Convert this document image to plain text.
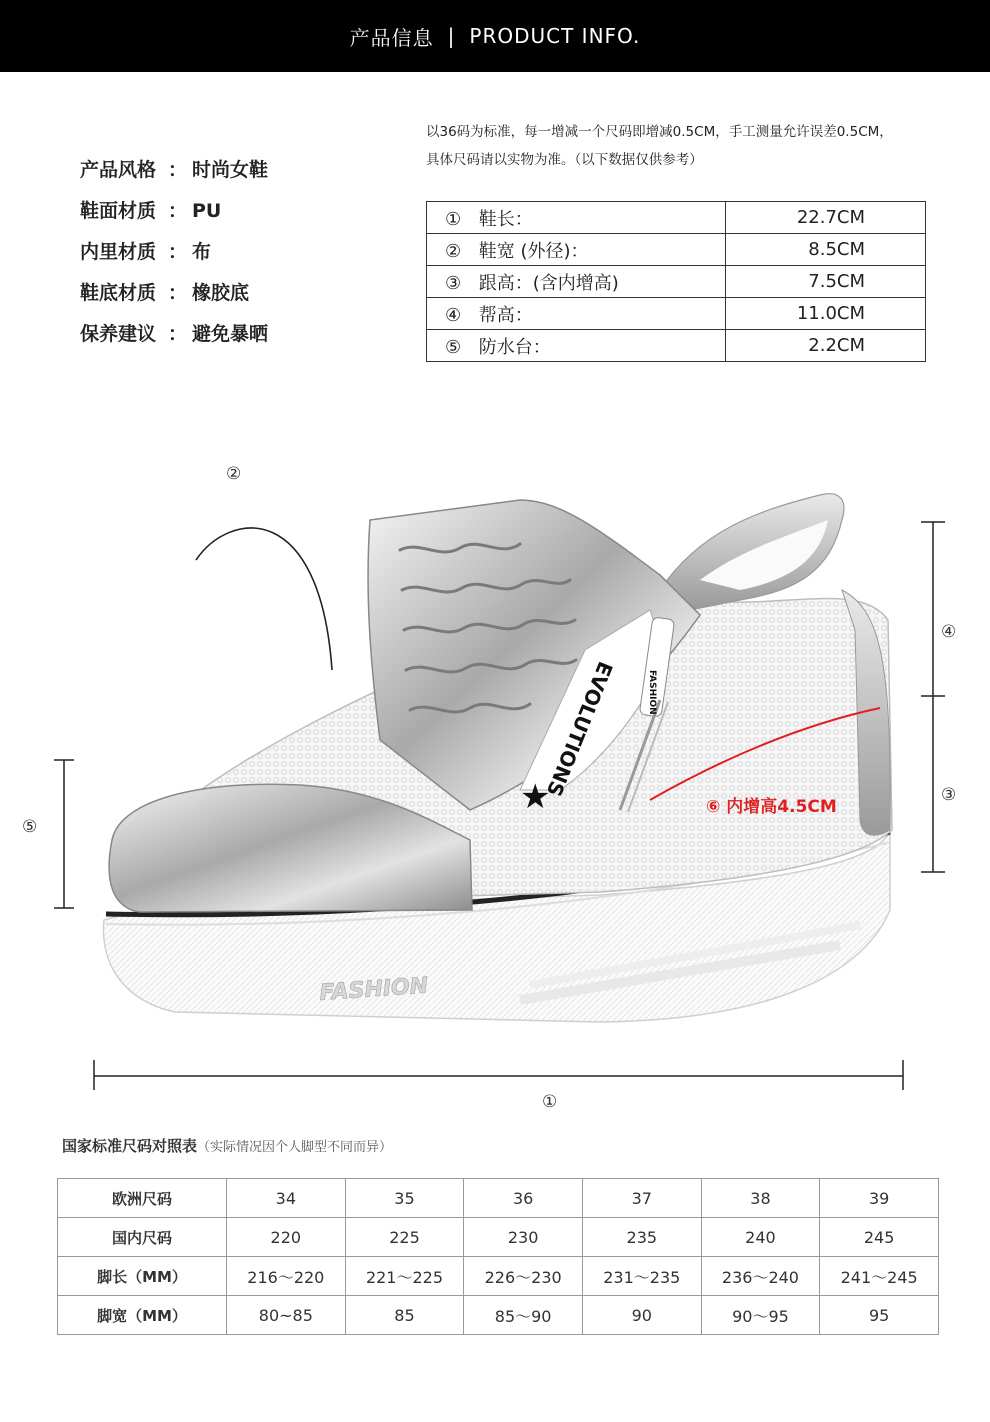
产品信息 | PRODUCT INFO.
产品风格 ： 时尚女鞋
鞋面材质 ： PU
内里材质 ： 布
鞋底材质 ： 橡胶底
保养建议 ： 避免暴晒
以36码为标准，每一增减一个尺码即增减0.5CM，手工测量允许误差0.5CM，
具体尺码请以实物为准。（以下数据仅供参考）
① 鞋长：	22.7CM
② 鞋宽 (外径)：	8.5CM
③ 跟高：(含内增高)	7.5CM
④ 帮高：	11.0CM
⑤ 防水台：	2.2CM
EVOLUTIONS
★
FASHION
FASHION
②
④
③
⑤
①
⑥ 内增高4.5CM
国家标准尺码对照表（实际情况因个人脚型不同而异）
欧洲尺码	34	35	36	37	38	39
国内尺码	220	225	230	235	240	245
脚长（MM）	216～220	221～225	226～230	231～235	236～240	241～245
脚宽（MM）	80~85	85	85～90	90	90～95	95
